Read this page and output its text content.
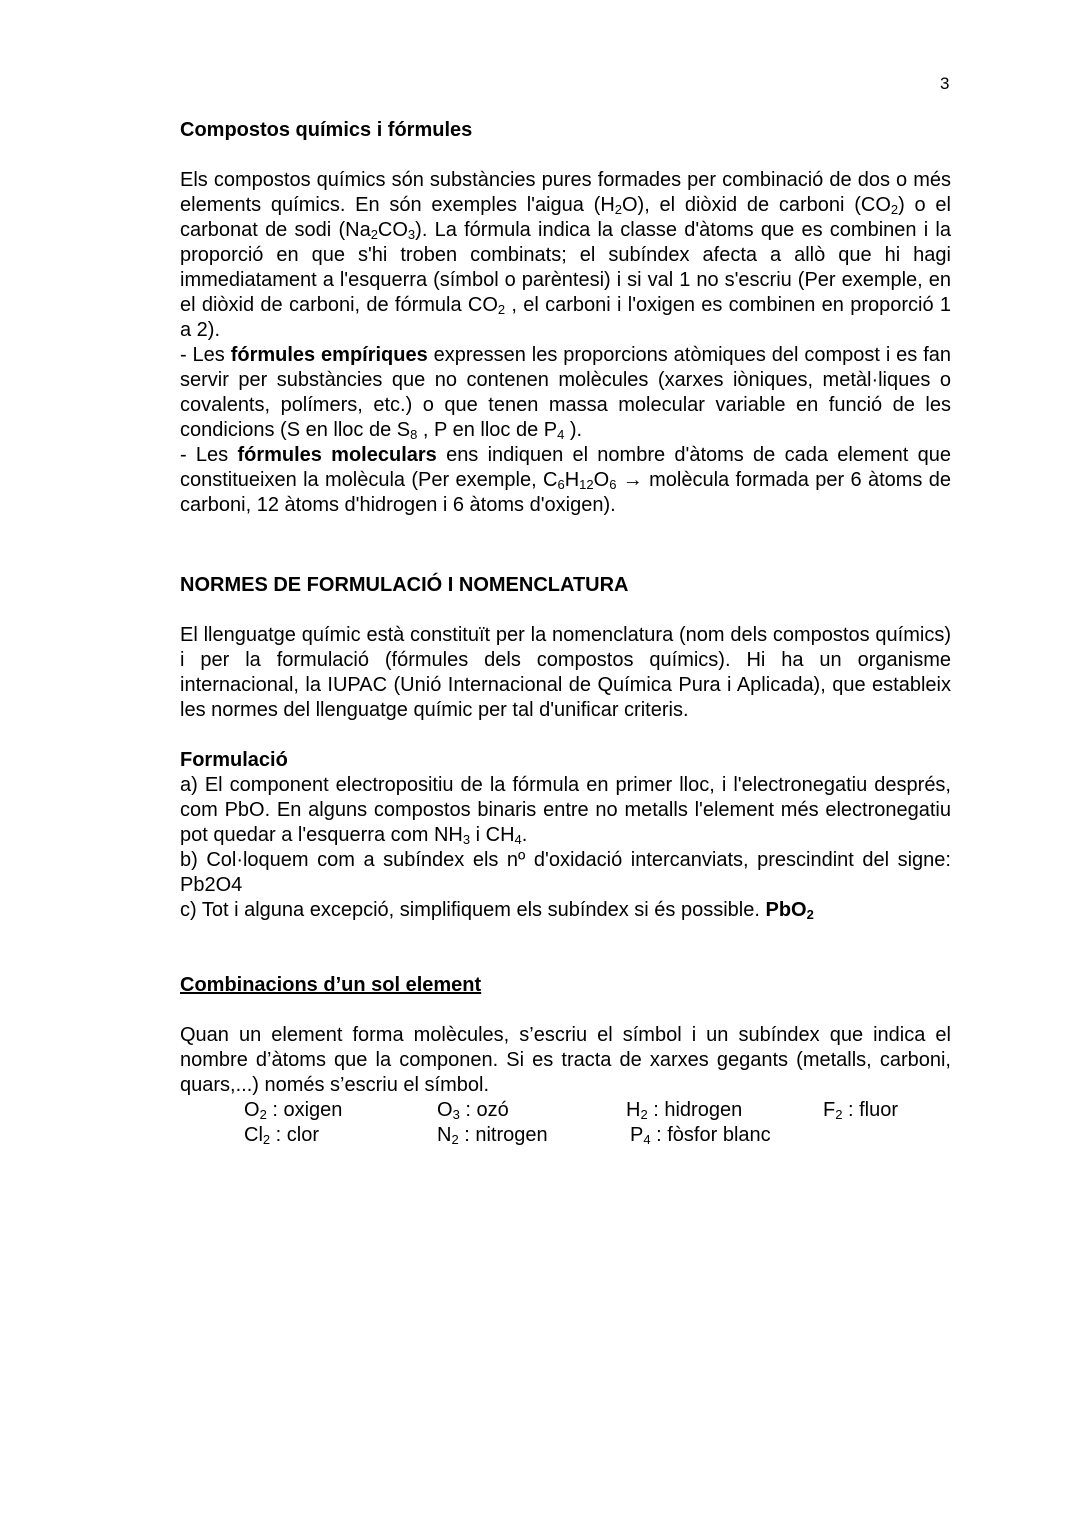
3

Compostos químics i fórmules

Els compostos químics són substàncies pures formades per combinació de dos o més elements químics. En són exemples l'aigua $(H_2O)$, el diòxid de carboni $(CO_2)$ o el carbonat de sodi $(Na_2CO_3)$. La fórmula indica la classe d'àtoms que es combinen i la proporció en que s'hi troben combinats; el subíndex afecta a allò que hi hagi immediatament a l'esquerra (símbol o parèntesi) i si val 1 no s'escriu (Per exemple, en el diòxid de carboni, de fórmula $CO_2$ , el carboni i l'oxigen es combinen en proporció 1 a 2).

- Les fórmules empíriques expressen les proporcions atòmiques del compost i es fan servir per substàncies que no contenen molècules (xarxes iòniques, metàl·liques o covalents, polímers, etc.) o que tenen massa molecular variable en funció de les condicions (S en lloc de $S_8$ , P en lloc de $P_4$ ).

- Les fórmules moleculars ens indiquen el nombre d'àtoms de cada element que constitueixen la molècula (Per exemple, $C_6H_{12}O_6$ → molècula formada per 6 àtoms de carboni, 12 àtoms d'hidrogen i 6 àtoms d'oxigen).

NORMES DE FORMULACIÓ I NOMENCLATURA

El llenguatge químic està constituït per la nomenclatura (nom dels compostos químics) i per la formulació (fórmules dels compostos químics). Hi ha un organisme internacional, la IUPAC (Unió Internacional de Química Pura i Aplicada), que estableix les normes del llenguatge químic per tal d'unificar criteris.

Formulació

a) El component electropositiu de la fórmula en primer lloc, i l'electronegatiu després, com PbO. En alguns compostos binaris entre no metalls l'element més electronegatiu pot quedar a l'esquerra com $NH_3$ i $CH_4$.

b) Col·loquem com a subíndex els nº d'oxidació intercanviats, prescindint del signe: Pb2O4

c) Tot i alguna excepció, simplifiquem els subíndex si és possible. PbO$_2$

Combinacions d’un sol element

Quan un element forma molècules, s’escriu el símbol i un subíndex que indica el nombre d’àtoms que la componen. Si es tracta de xarxes gegants (metalls, carboni, quars,...) només s’escriu el símbol.

$O_2$ : oxigen	$O_3$ : ozó	$H_2$ : hidrogen	$F_2$ : fluor
$Cl_2$ : clor	$N_2$ : nitrogen	$P_4$ : fòsfor blanc
